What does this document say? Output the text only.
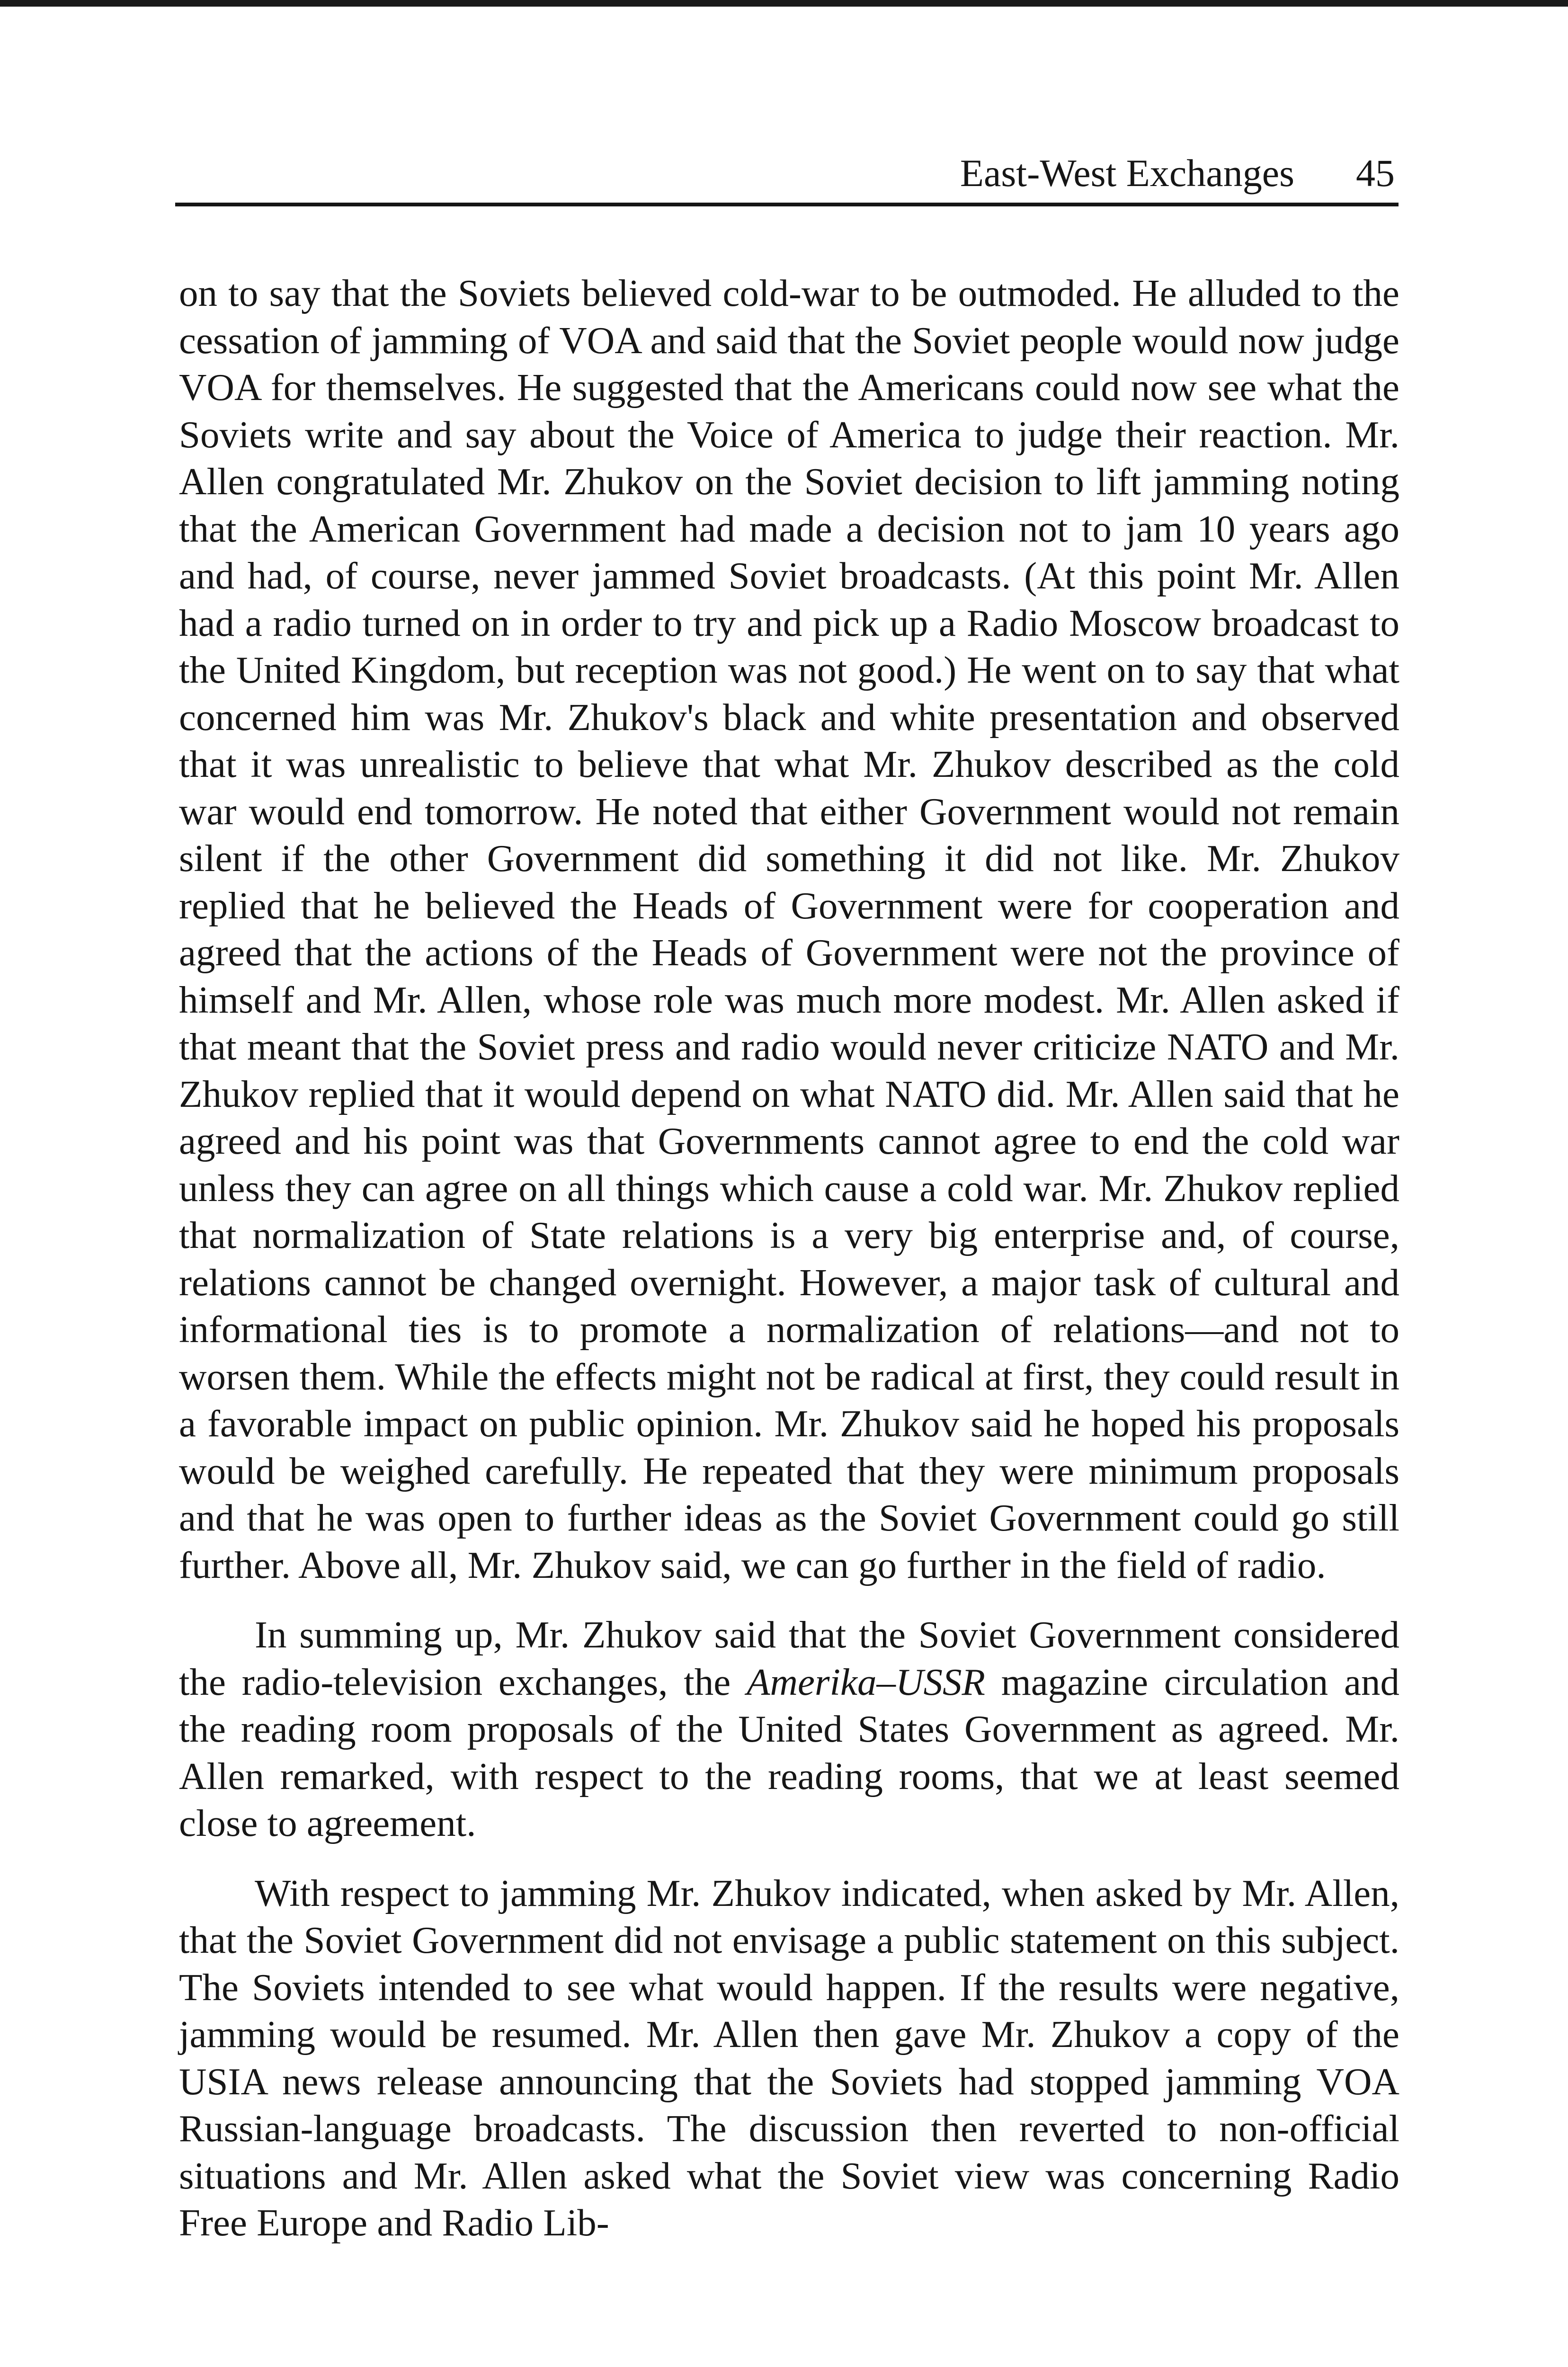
East-West Exchanges 45

on to say that the Soviets believed cold-war to be outmoded. He alluded to the cessation of jamming of VOA and said that the Soviet people would now judge VOA for themselves. He suggested that the Americans could now see what the Soviets write and say about the Voice of America to judge their reaction. Mr. Allen congratulated Mr. Zhukov on the Soviet decision to lift jamming noting that the American Government had made a decision not to jam 10 years ago and had, of course, never jammed Soviet broadcasts. (At this point Mr. Allen had a radio turned on in order to try and pick up a Radio Moscow broadcast to the United Kingdom, but reception was not good.) He went on to say that what concerned him was Mr. Zhukov's black and white presentation and observed that it was unrealistic to believe that what Mr. Zhukov described as the cold war would end tomorrow. He noted that either Government would not remain silent if the other Government did something it did not like. Mr. Zhukov replied that he believed the Heads of Government were for cooperation and agreed that the actions of the Heads of Government were not the province of himself and Mr. Allen, whose role was much more modest. Mr. Allen asked if that meant that the Soviet press and radio would never criticize NATO and Mr. Zhukov replied that it would depend on what NATO did. Mr. Allen said that he agreed and his point was that Governments cannot agree to end the cold war unless they can agree on all things which cause a cold war. Mr. Zhukov replied that normalization of State relations is a very big enterprise and, of course, relations cannot be changed overnight. However, a major task of cultural and informational ties is to promote a normalization of relations—and not to worsen them. While the effects might not be radical at first, they could result in a favorable impact on public opinion. Mr. Zhukov said he hoped his proposals would be weighed carefully. He repeated that they were minimum proposals and that he was open to further ideas as the Soviet Government could go still further. Above all, Mr. Zhukov said, we can go further in the field of radio.

In summing up, Mr. Zhukov said that the Soviet Government considered the radio-television exchanges, the Amerika–USSR magazine circulation and the reading room proposals of the United States Government as agreed. Mr. Allen remarked, with respect to the reading rooms, that we at least seemed close to agreement.

With respect to jamming Mr. Zhukov indicated, when asked by Mr. Allen, that the Soviet Government did not envisage a public statement on this subject. The Soviets intended to see what would happen. If the results were negative, jamming would be resumed. Mr. Allen then gave Mr. Zhukov a copy of the USIA news release announcing that the Soviets had stopped jamming VOA Russian-language broadcasts. The discussion then reverted to non-official situations and Mr. Allen asked what the Soviet view was concerning Radio Free Europe and Radio Lib-
